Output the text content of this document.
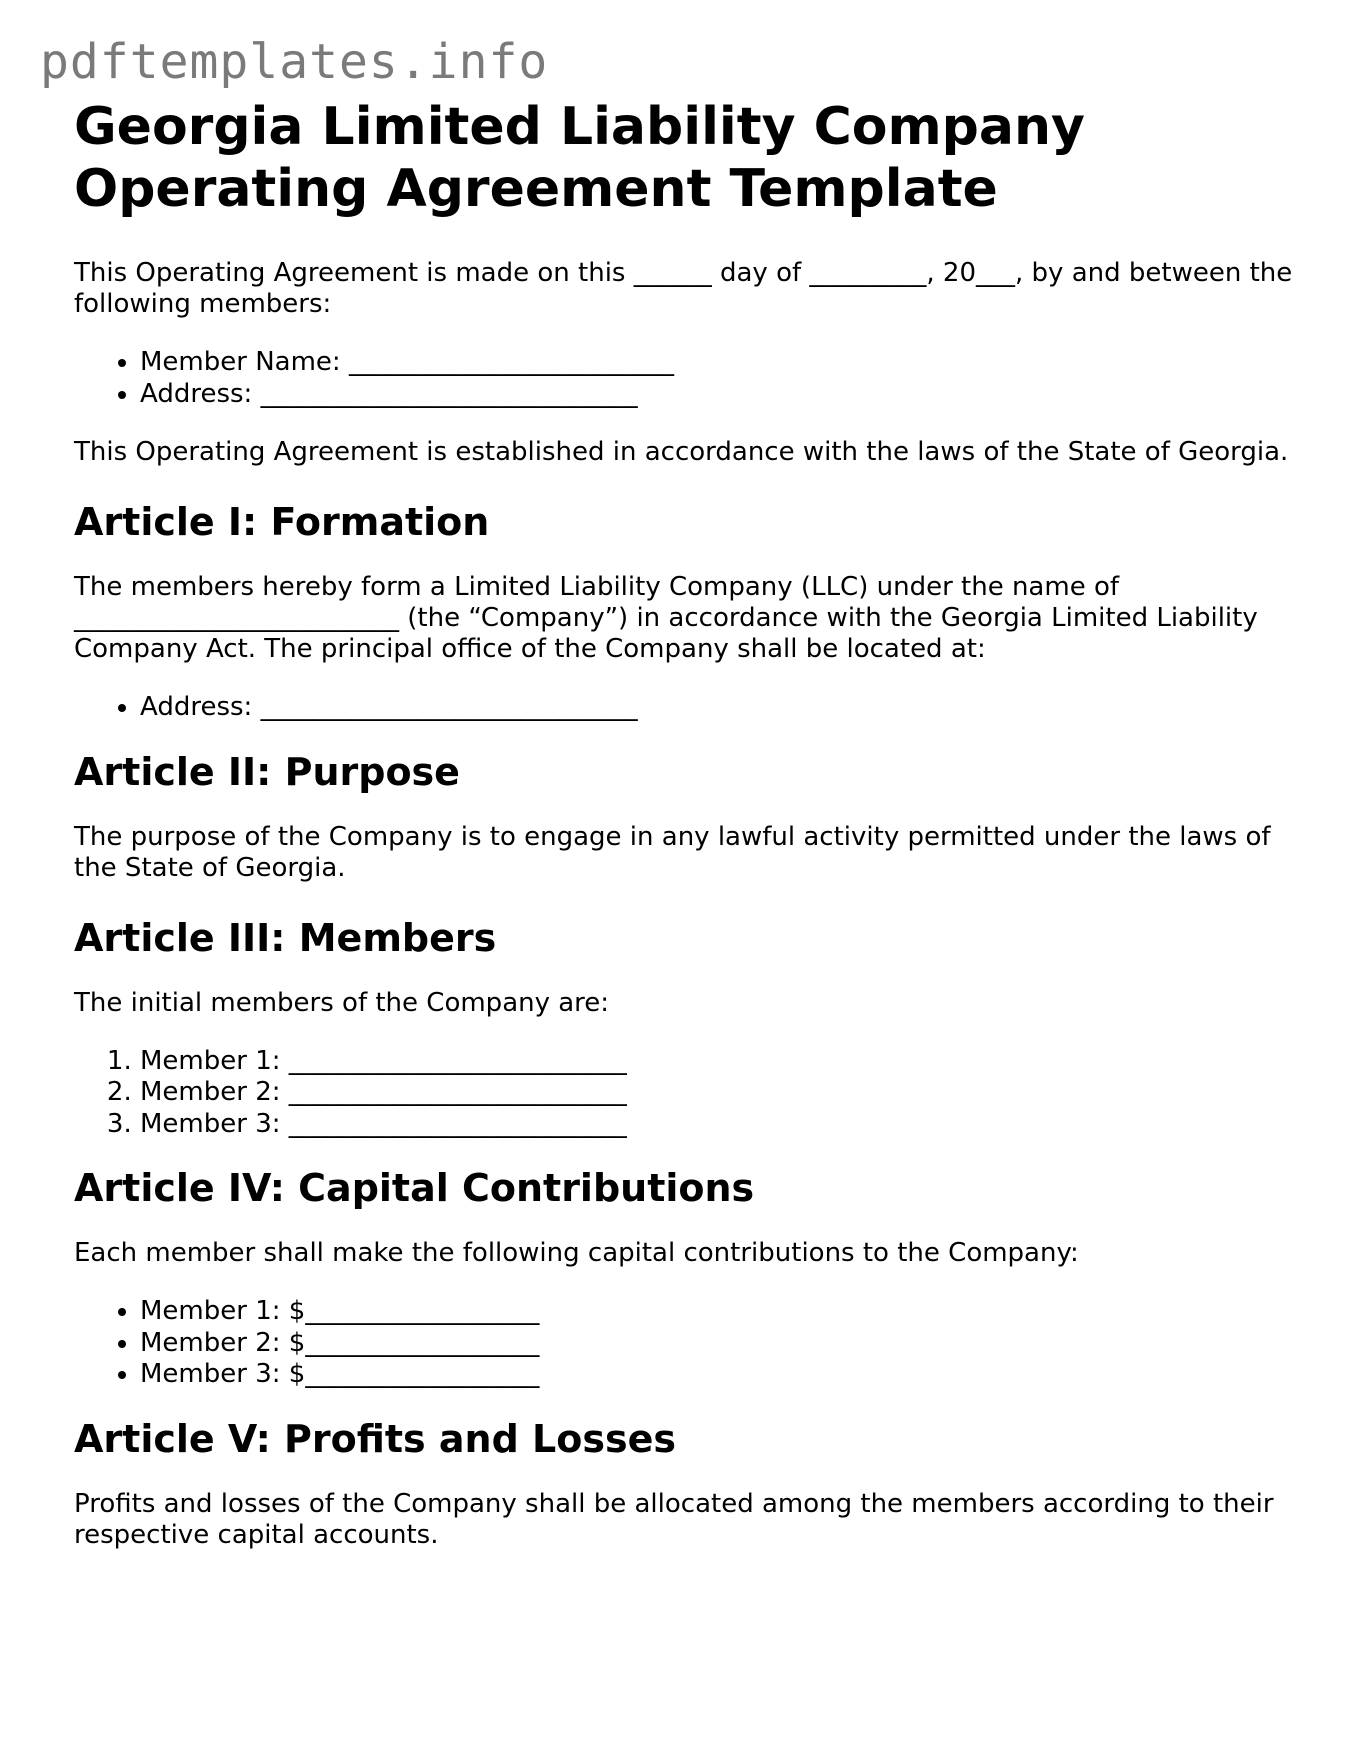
pdftemplates.info
Georgia Limited Liability Company
Operating Agreement Template

This Operating Agreement is made on this ______ day of _________, 20___, by and between the following members:

• Member Name: _________________________
• Address: _____________________________

This Operating Agreement is established in accordance with the laws of the State of Georgia.

Article I: Formation

The members hereby form a Limited Liability Company (LLC) under the name of _________________________ (the “Company”) in accordance with the Georgia Limited Liability Company Act. The principal office of the Company shall be located at:

• Address: _____________________________
Article II: Purpose

The purpose of the Company is to engage in any lawful activity permitted under the laws of the State of Georgia.

Article III: Members

The initial members of the Company are:

1. Member 1: __________________________
2. Member 2: __________________________
3. Member 3: __________________________
Article IV: Capital Contributions

Each member shall make the following capital contributions to the Company:

• Member 1: $__________________
• Member 2: $__________________
• Member 3: $__________________
Article V: Profits and Losses

Profits and losses of the Company shall be allocated among the members according to their respective capital accounts.
